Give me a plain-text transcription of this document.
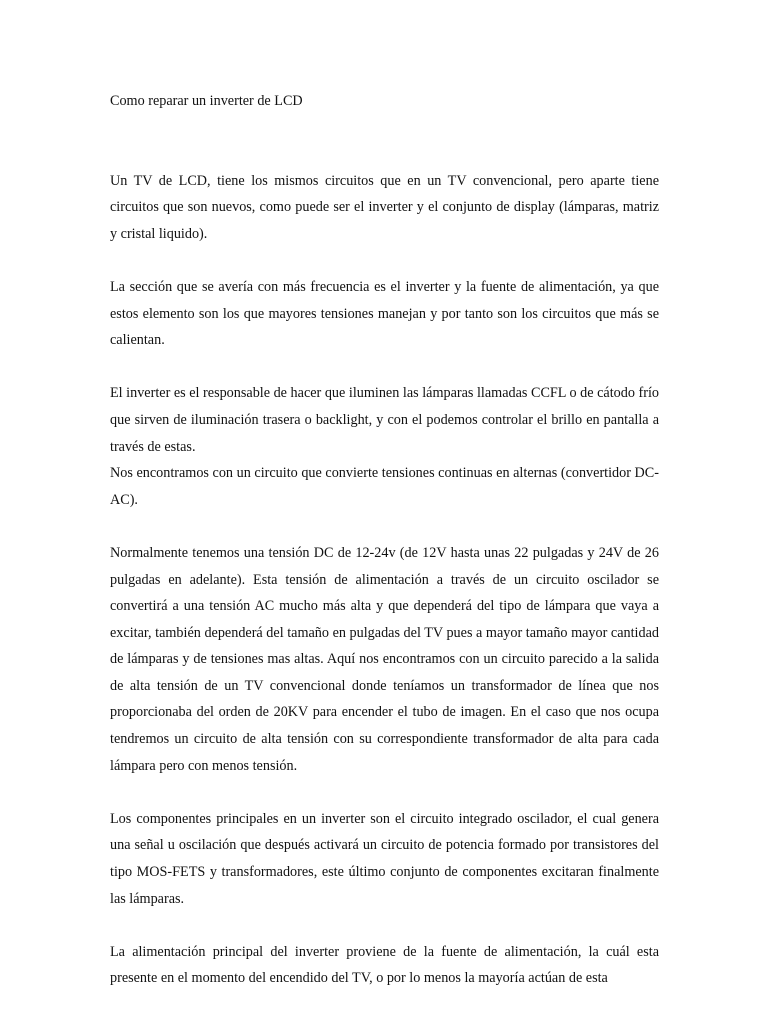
Como reparar un inverter de LCD

Un TV de LCD, tiene los mismos circuitos que en un TV convencional, pero aparte tiene circuitos que son nuevos, como puede ser el inverter y el conjunto de display (lámparas, matriz y cristal liquido).

La sección que se avería con más frecuencia es el inverter y la fuente de alimentación, ya que estos elemento son los que mayores tensiones manejan y por tanto son los circuitos que más se calientan.

El inverter es el responsable de hacer que iluminen las lámparas llamadas CCFL o de cátodo frío que sirven de iluminación trasera o backlight, y con el podemos controlar el brillo en pantalla a través de estas.

Nos encontramos con un circuito que convierte tensiones continuas en alternas (convertidor DC-AC).

Normalmente tenemos una tensión DC de 12-24v (de 12V hasta unas 22 pulgadas y 24V de 26 pulgadas en adelante). Esta tensión de alimentación a través de un circuito oscilador se convertirá a una tensión AC mucho más alta y que dependerá del tipo de lámpara que vaya a excitar, también dependerá del tamaño en pulgadas del TV pues a mayor tamaño mayor cantidad de lámparas y de tensiones mas altas. Aquí nos encontramos con un circuito parecido a la salida de alta tensión de un TV convencional donde teníamos un transformador de línea que nos proporcionaba del orden de 20KV para encender el tubo de imagen. En el caso que nos ocupa tendremos un circuito de alta tensión con su correspondiente transformador de alta para cada lámpara pero con menos tensión.

Los componentes principales en un inverter son el circuito integrado oscilador, el cual genera una señal u oscilación que después activará un circuito de potencia formado por transistores del tipo MOS-FETS y transformadores, este último conjunto de componentes excitaran finalmente las lámparas.

La alimentación principal del inverter proviene de la fuente de alimentación, la cuál esta presente en el momento del encendido del TV, o por lo menos la mayoría actúan de esta
